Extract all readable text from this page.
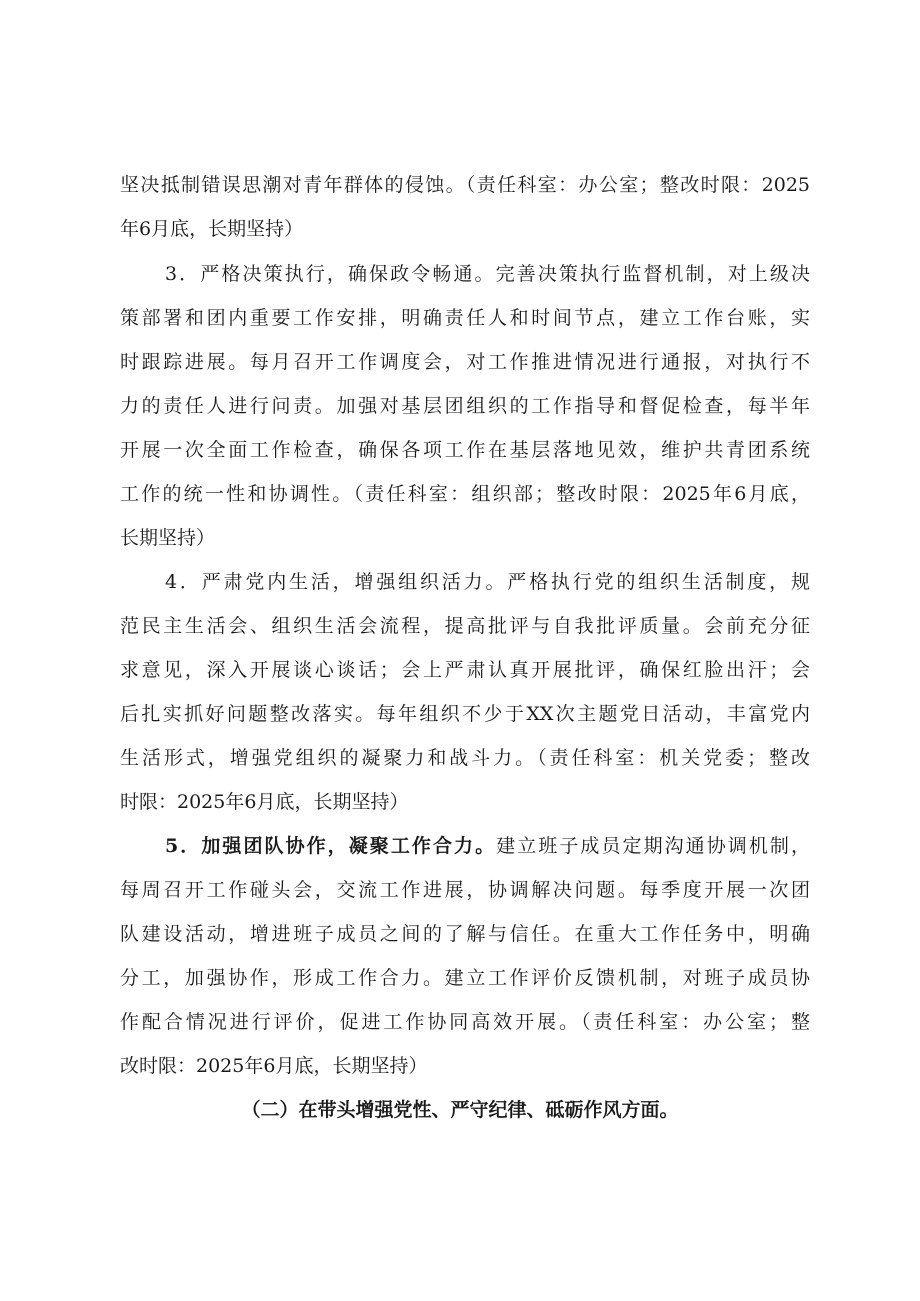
坚决抵制错误思潮对青年群体的侵蚀。（责任科室：办公室；整改时限：2025
年6月底，长期坚持）
3．严格决策执行，确保政令畅通。完善决策执行监督机制，对上级决
策部署和团内重要工作安排，明确责任人和时间节点，建立工作台账，实
时跟踪进展。每月召开工作调度会，对工作推进情况进行通报，对执行不
力的责任人进行问责。加强对基层团组织的工作指导和督促检查，每半年
开展一次全面工作检查，确保各项工作在基层落地见效，维护共青团系统
工作的统一性和协调性。（责任科室：组织部；整改时限：2025年6月底，
长期坚持）
4．严肃党内生活，增强组织活力。严格执行党的组织生活制度，规
范民主生活会、组织生活会流程，提高批评与自我批评质量。会前充分征
求意见，深入开展谈心谈话；会上严肃认真开展批评，确保红脸出汗；会
后扎实抓好问题整改落实。每年组织不少于XX次主题党日活动，丰富党内
生活形式，增强党组织的凝聚力和战斗力。（责任科室：机关党委；整改
时限：2025年6月底，长期坚持）
5．加强团队协作，凝聚工作合力。建立班子成员定期沟通协调机制，
每周召开工作碰头会，交流工作进展，协调解决问题。每季度开展一次团
队建设活动，增进班子成员之间的了解与信任。在重大工作任务中，明确
分工，加强协作，形成工作合力。建立工作评价反馈机制，对班子成员协
作配合情况进行评价，促进工作协同高效开展。（责任科室：办公室；整
改时限：2025年6月底，长期坚持）
（二）在带头增强党性、严守纪律、砥砺作风方面。
